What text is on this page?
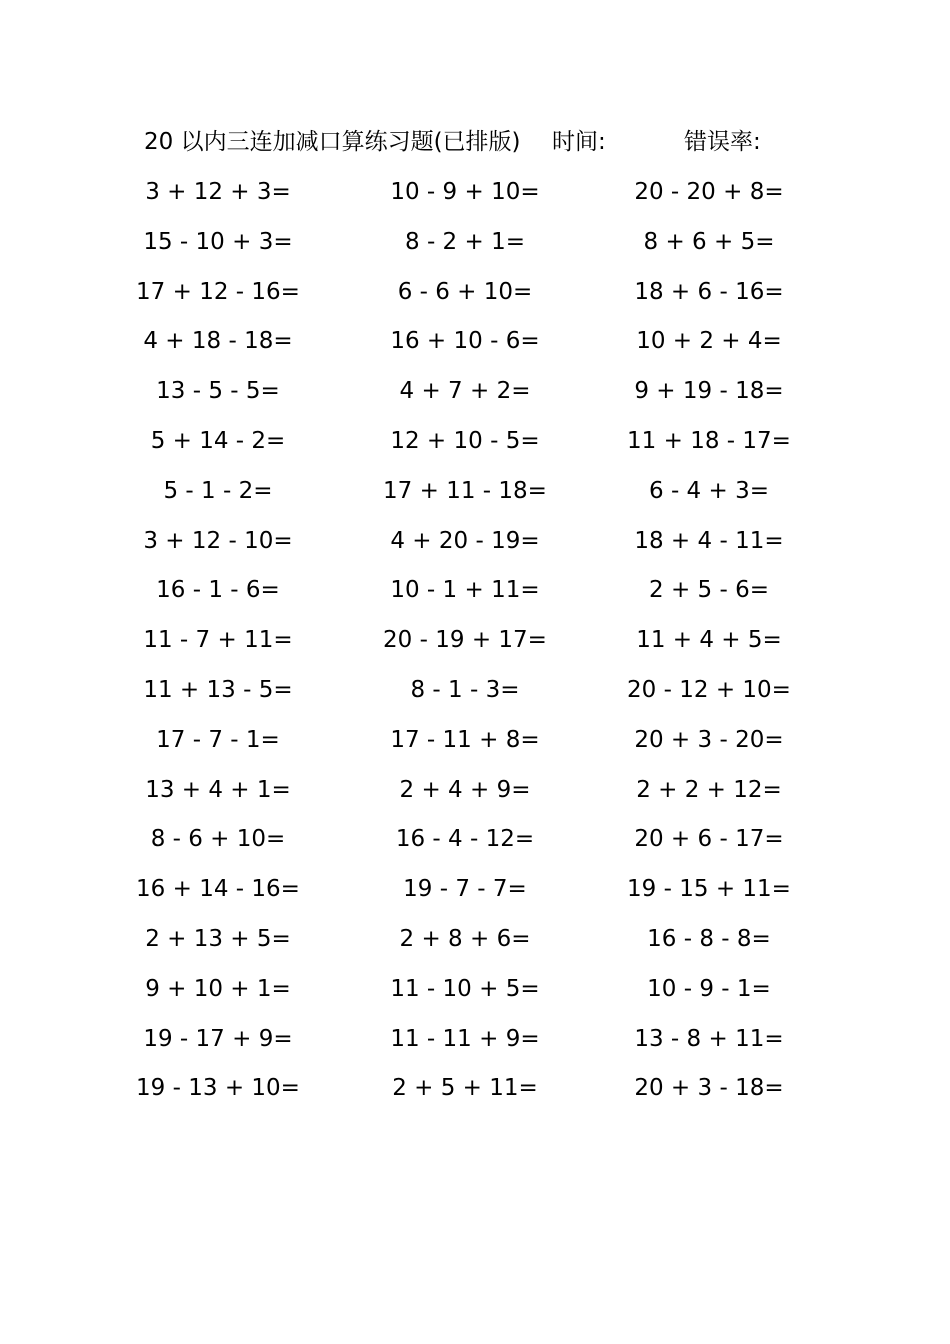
20 以内三连加减口算练习题(已排版) 时间:	错误率:
3 + 12 + 3=	10 - 9 + 10=	20 - 20 + 8=
15 - 10 + 3=	8 - 2 + 1=	8 + 6 + 5=
17 + 12 - 16=	6 - 6 + 10=	18 + 6 - 16=
4 + 18 - 18=	16 + 10 - 6=	10 + 2 + 4=
13 - 5 - 5=	4 + 7 + 2=	9 + 19 - 18=
5 + 14 - 2=	12 + 10 - 5=	11 + 18 - 17=
5 - 1 - 2=	17 + 11 - 18=	6 - 4 + 3=
3 + 12 - 10=	4 + 20 - 19=	18 + 4 - 11=
16 - 1 - 6=	10 - 1 + 11=	2 + 5 - 6=
11 - 7 + 11=	20 - 19 + 17=	11 + 4 + 5=
11 + 13 - 5=	8 - 1 - 3=	20 - 12 + 10=
17 - 7 - 1=	17 - 11 + 8=	20 + 3 - 20=
13 + 4 + 1=	2 + 4 + 9=	2 + 2 + 12=
8 - 6 + 10=	16 - 4 - 12=	20 + 6 - 17=
16 + 14 - 16=	19 - 7 - 7=	19 - 15 + 11=
2 + 13 + 5=	2 + 8 + 6=	16 - 8 - 8=
9 + 10 + 1=	11 - 10 + 5=	10 - 9 - 1=
19 - 17 + 9=	11 - 11 + 9=	13 - 8 + 11=
19 - 13 + 10=	2 + 5 + 11=	20 + 3 - 18=
